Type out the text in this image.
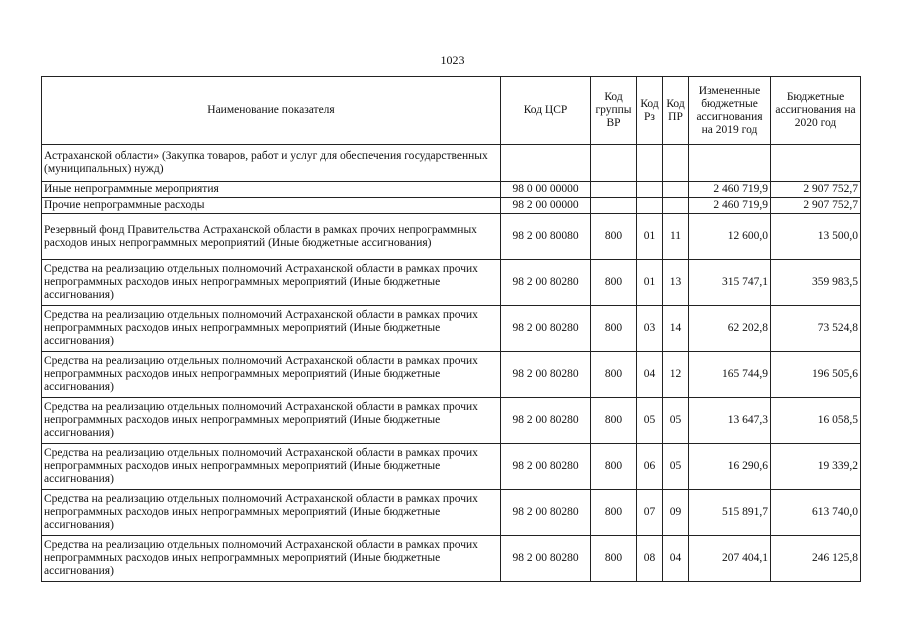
1023
Наименование показателя	Код ЦСР	Код группы ВР	Код Рз	Код ПР	Измененные бюджетные ассигнования на 2019 год	Бюджетные ассигнования на 2020 год
Астраханской области» (Закупка товаров, работ и услуг для обеспечения государственных (муниципальных) нужд)						
Иные непрограммные мероприятия	98 0 00 00000				2 460 719,9	2 907 752,7
Прочие непрограммные расходы	98 2 00 00000				2 460 719,9	2 907 752,7
Резервный фонд Правительства Астраханской области в рамках прочих непрограммных расходов иных непрограммных мероприятий (Иные бюджетные ассигнования)	98 2 00 80080	800	01	11	12 600,0	13 500,0
Средства на реализацию отдельных полномочий Астраханской области в рамках прочих непрограммных расходов иных непрограммных мероприятий (Иные бюджетные ассигнования)	98 2 00 80280	800	01	13	315 747,1	359 983,5
Средства на реализацию отдельных полномочий Астраханской области в рамках прочих непрограммных расходов иных непрограммных мероприятий (Иные бюджетные ассигнования)	98 2 00 80280	800	03	14	62 202,8	73 524,8
Средства на реализацию отдельных полномочий Астраханской области в рамках прочих непрограммных расходов иных непрограммных мероприятий (Иные бюджетные ассигнования)	98 2 00 80280	800	04	12	165 744,9	196 505,6
Средства на реализацию отдельных полномочий Астраханской области в рамках прочих непрограммных расходов иных непрограммных мероприятий (Иные бюджетные ассигнования)	98 2 00 80280	800	05	05	13 647,3	16 058,5
Средства на реализацию отдельных полномочий Астраханской области в рамках прочих непрограммных расходов иных непрограммных мероприятий (Иные бюджетные ассигнования)	98 2 00 80280	800	06	05	16 290,6	19 339,2
Средства на реализацию отдельных полномочий Астраханской области в рамках прочих непрограммных расходов иных непрограммных мероприятий (Иные бюджетные ассигнования)	98 2 00 80280	800	07	09	515 891,7	613 740,0
Средства на реализацию отдельных полномочий Астраханской области в рамках прочих непрограммных расходов иных непрограммных мероприятий (Иные бюджетные ассигнования)	98 2 00 80280	800	08	04	207 404,1	246 125,8
